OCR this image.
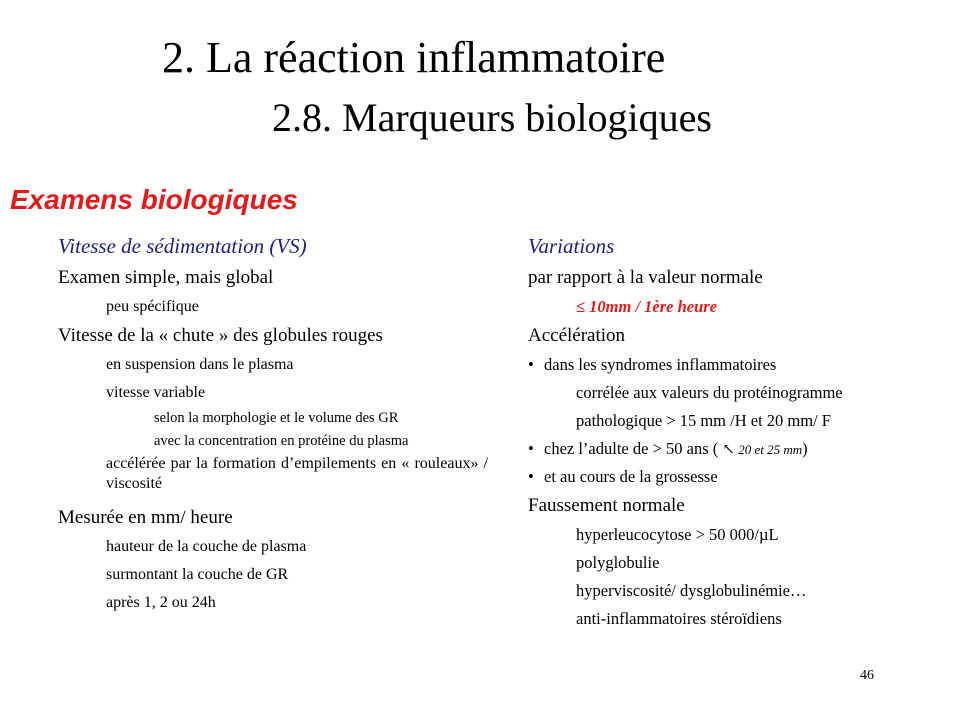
2. La réaction inflammatoire
2.8. Marqueurs biologiques
Examens biologiques
Vitesse de sédimentation (VS)
Examen simple, mais global
peu spécifique
Vitesse de la « chute » des globules rouges
en suspension dans le plasma
vitesse variable
selon la morphologie et le volume des GR
avec la concentration en protéine du plasma
accélérée par la formation d’empilements en « rouleaux» / viscosité
Mesurée en mm/ heure
hauteur de la couche de plasma
surmontant la couche de GR
après 1, 2 ou 24h
Variations
par rapport à la valeur normale
≤ 10mm / 1ère heure
Accélération
• dans les syndromes inflammatoires
corrélée aux valeurs du protéinogramme
pathologique > 15 mm /H et 20 mm/ F
• chez l’adulte de > 50 ans ( ↖ 20 et 25 mm)
• et au cours de la grossesse
Faussement normale
hyperleucocytose > 50 000/µL
polyglobulie
hyperviscosité/ dysglobulinémie…
anti-inflammatoires stéroïdiens
46
